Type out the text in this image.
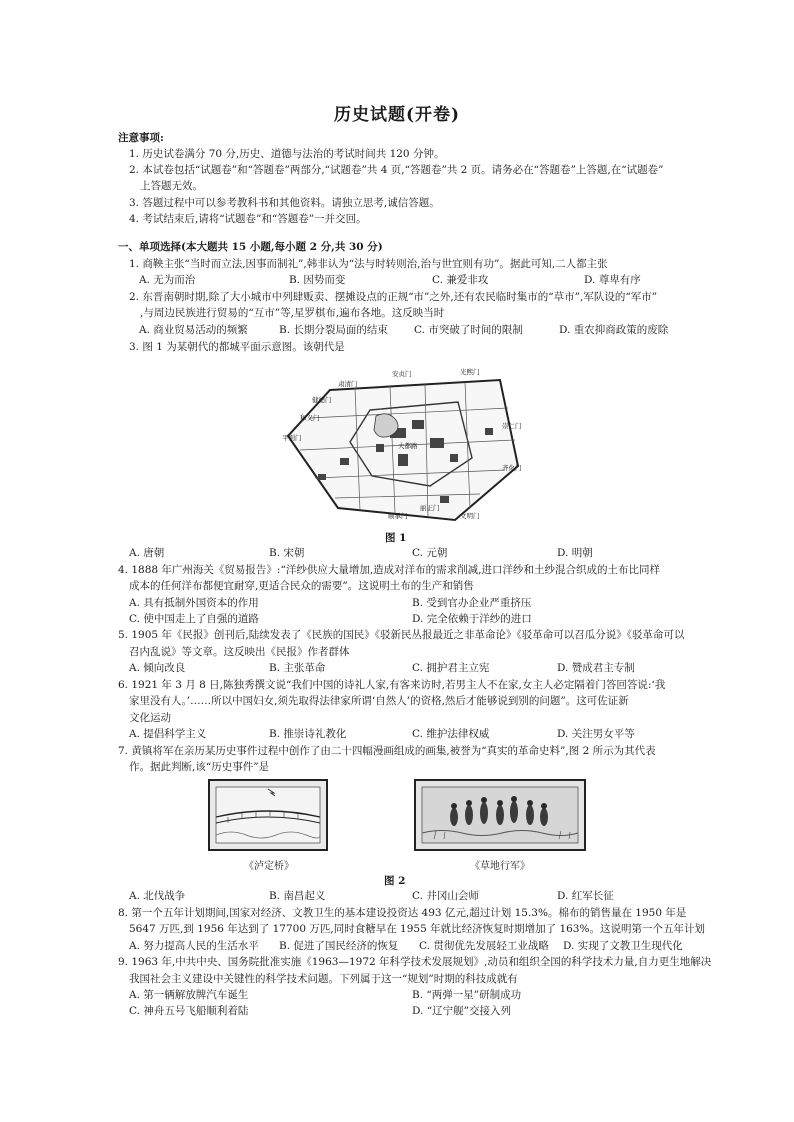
历史试题(开卷)
注意事项:
1. 历史试卷满分 70 分,历史、道德与法治的考试时间共 120 分钟。
2. 本试卷包括“试题卷”和“答题卷”两部分,“试题卷”共 4 页,“答题卷”共 2 页。请务必在“答题卷”上答题,在“试题卷”
上答题无效。
3. 答题过程中可以参考教科书和其他资料。请独立思考,诚信答题。
4. 考试结束后,请将“试题卷”和“答题卷”一并交回。
一、单项选择(本大题共 15 小题,每小题 2 分,共 30 分)
1. 商鞅主张“当时而立法,因事而制礼”,韩非认为“法与时转则治,治与世宜则有功”。据此可知,二人都主张
A. 无为而治	B. 因势而变	C. 兼爱非攻	D. 尊卑有序
2. 东晋南朝时期,除了大小城市中列肆贩卖、摆摊设点的正规“市”之外,还有农民临时集市的“草市”,军队设的“军市”
,与周边民族进行贸易的“互市”等,星罗棋布,遍布各地。这反映当时
A. 商业贸易活动的频繁	B. 长期分裂局面的结束 C. 市突破了时间的限制	D. 重农抑商政策的废除
3. 图 1 为某朝代的都城平面示意图。该朝代是
肃清门
安贞门	光熙门
大都路
崇仁门
齐化门
文明门
顺承门
丽正门
平则门
和义门
健德门
图 1
A. 唐朝	B. 宋朝	C. 元朝	D. 明朝
4. 1888 年广州海关《贸易报告》:“洋纱供应大量增加,造成对洋布的需求削减,进口洋纱和土纱混合织成的土布比同样
成本的任何洋布都便宜耐穿,更适合民众的需要”。这说明土布的生产和销售
A. 具有抵制外国资本的作用	B. 受到官办企业严重挤压
C. 使中国走上了自强的道路	D. 完全依赖于洋纱的进口
5. 1905 年《民报》创刊后,陆续发表了《民族的国民》《驳新民丛报最近之非革命论》《驳革命可以召瓜分说》《驳革命可以
召内乱说》等文章。这反映出《民报》作者群体
A. 倾向改良	B. 主张革命	C. 拥护君主立宪	D. 赞成君主专制
6. 1921 年 3 月 8 日,陈独秀撰文说“我们中国的诗礼人家,有客来访时,若男主人不在家,女主人必定隔着门答回答说:‘我
家里没有人。’……所以中国妇女,须先取得法律家所谓‘自然人’的资格,然后才能够说到别的问题”。这可佐证新
文化运动
A. 提倡科学主义	B. 推崇诗礼教化	C. 维护法律权威	D. 关注男女平等
7. 黄镇将军在亲历某历史事件过程中创作了由二十四幅漫画组成的画集,被誉为“真实的革命史料”,图 2 所示为其代表
作。据此判断,该“历史事件”是
《泸定桥》	《草地行军》
图 2
A. 北伐战争	B. 南昌起义	C. 井冈山会师	D. 红军长征
8. 第一个五年计划期间,国家对经济、文教卫生的基本建设投资达 493 亿元,超过计划 15.3%。棉布的销售量在 1950 年是
5647 万匹,到 1956 年达到了 17700 万匹,同时食糖早在 1955 年就比经济恢复时期增加了 163%。这说明第一个五年计划
A. 努力提高人民的生活水平 B. 促进了国民经济的恢复 C. 贯彻优先发展轻工业战略 D. 实现了文教卫生现代化
9. 1963 年,中共中央、国务院批准实施《1963—1972 年科学技术发展规划》,动员和组织全国的科学技术力量,自力更生地解决
我国社会主义建设中关键性的科学技术问题。下列属于这一“规划”时期的科技成就有
A. 第一辆解放牌汽车诞生	B. “两弹一星”研制成功
C. 神舟五号飞船顺利着陆	D. “辽宁舰”交接入列
